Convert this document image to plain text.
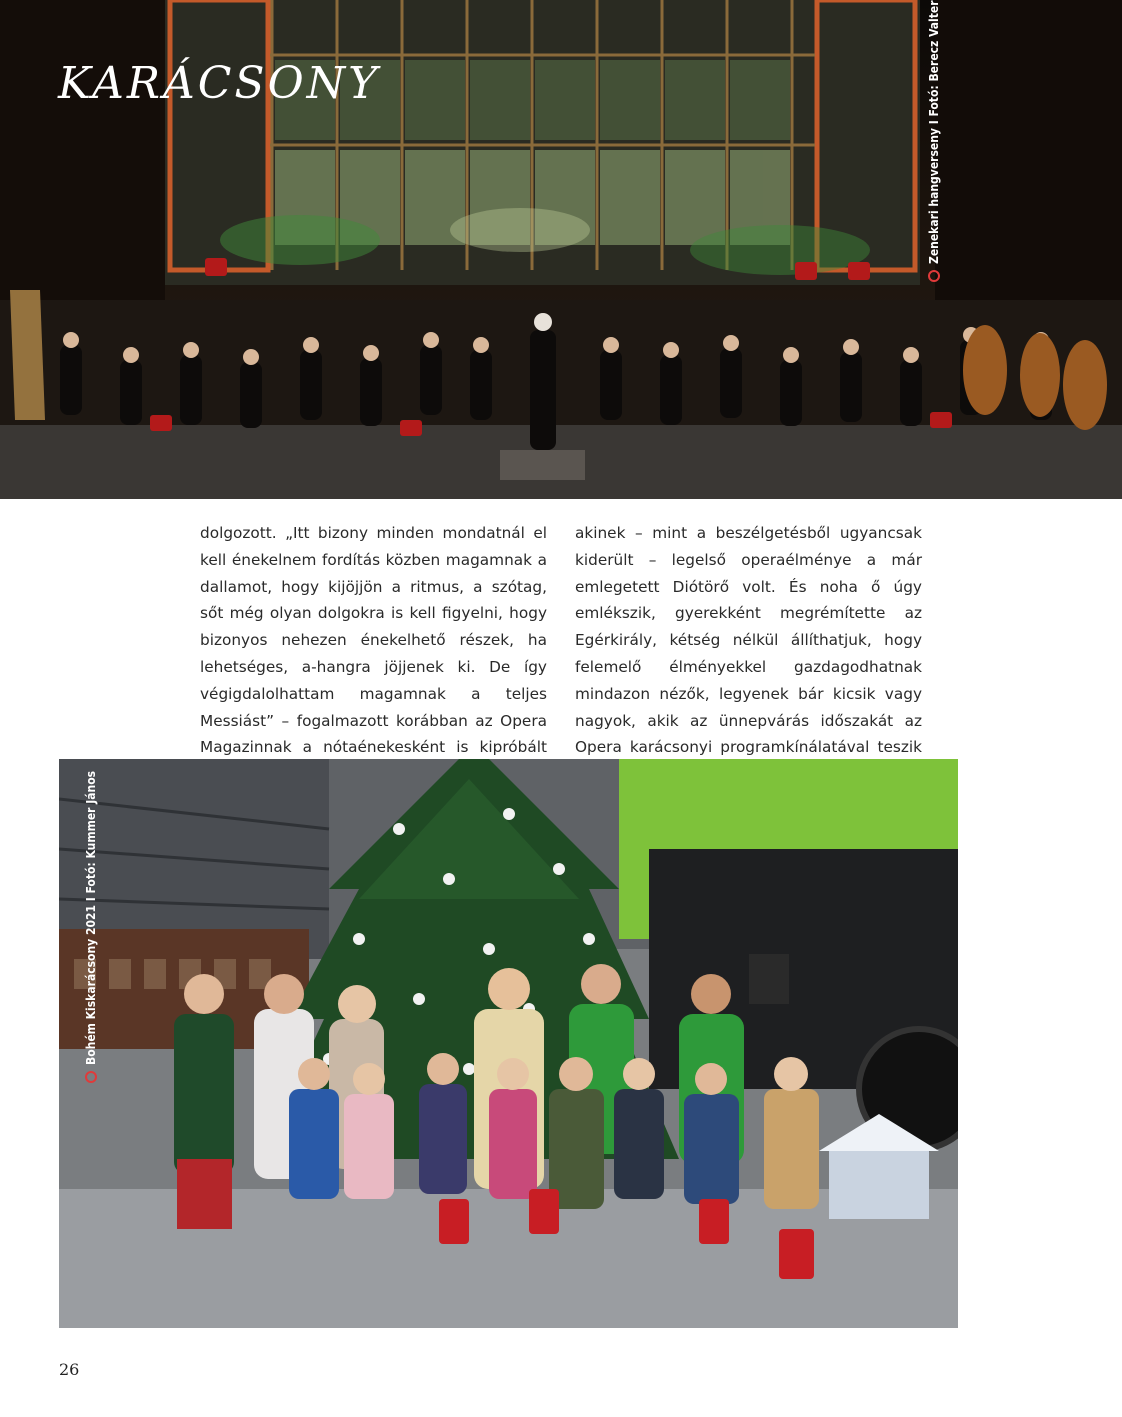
KARÁCSONY	Zenekari hangverseny I Fotó: Berecz Valter
dolgozott. „Itt bizony minden mondatnál el kell énekelnem fordítás közben magamnak a dallamot, hogy kijöjjön a ritmus, a szótag, sőt még olyan dolgokra is kell figyelni, hogy bizonyos nehezen énekelhető részek, ha lehetséges, a-hangra jöjjenek ki. De így végigdalolhattam magamnak a teljes Messiást” – fogalmazott korábban az Opera Magazinnak a nótaénekesként is kipróbált
akinek – mint a beszélgetésből ugyancsak kiderült – legelső operaélménye a már emlegetett Diótörő volt. És noha ő úgy emlékszik, gyerekként megrémítette az Egérkirály, kétség nélkül állíthatjuk, hogy felemelő élményekkel gazdagodhatnak mindazon nézők, legyenek bár kicsik vagy nagyok, akik az ünnepvárás időszakát az Opera karácsonyi programkínálatával teszik
Bohém Kiskarácsony 2021 I Fotó: Kummer János
26
